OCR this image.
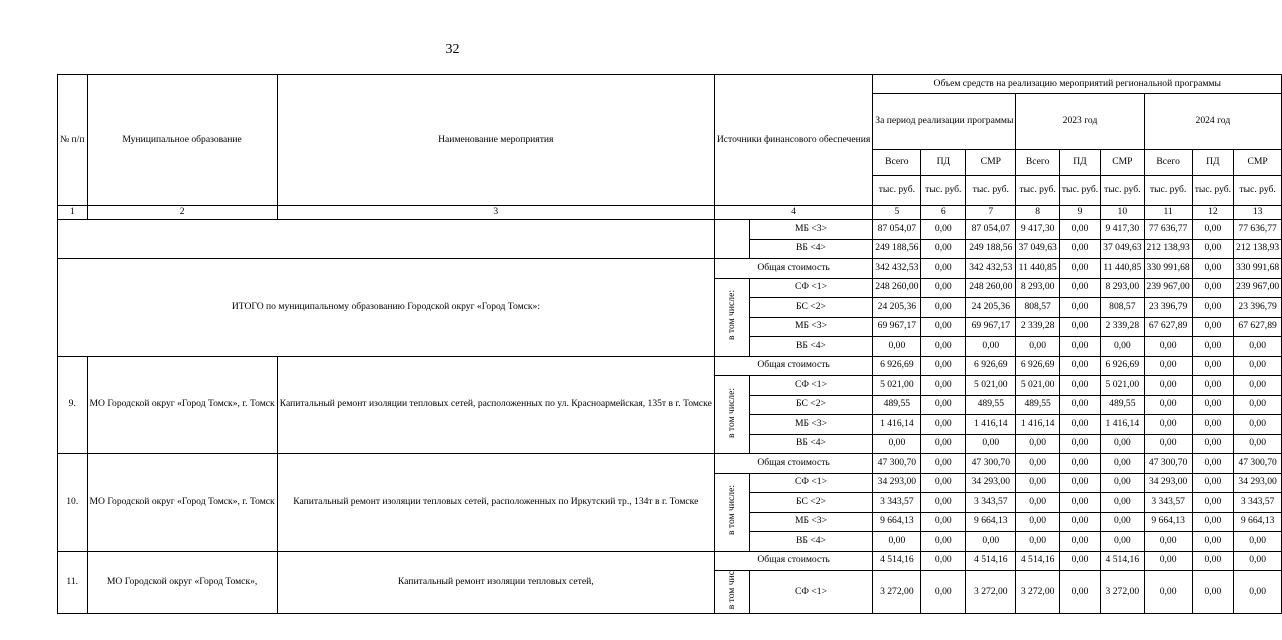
32
№ п/п	Муниципальное образование	Наименование мероприятия	Источники финансового обеспечения		Объем средств на реализацию мероприятий региональной программы								
					За период реализации программы			2023 год			2024 год		
					Всего	ПД	СМР	Всего	ПД	СМР	Всего	ПД	СМР
					тыс. руб.	тыс. руб.	тыс. руб.	тыс. руб.	тыс. руб.	тыс. руб.	тыс. руб.	тыс. руб.	тыс. руб.
1	2	3	4		5	6	7	8	9	10	11	12	13
				МБ <3>	87 054,07	0,00	87 054,07	9 417,30	0,00	9 417,30	77 636,77	0,00	77 636,77
				ВБ <4>	249 188,56	0,00	249 188,56	37 049,63	0,00	37 049,63	212 138,93	0,00	212 138,93
ИТОГО по муниципальному образованию Городской округ «Город Томск»:			Общая стоимость		342 432,53	0,00	342 432,53	11 440,85	0,00	11 440,85	330 991,68	0,00	330 991,68
			в том числе:	СФ <1>	248 260,00	0,00	248 260,00	8 293,00	0,00	8 293,00	239 967,00	0,00	239 967,00
				БС <2>	24 205,36	0,00	24 205,36	808,57	0,00	808,57	23 396,79	0,00	23 396,79
				МБ <3>	69 967,17	0,00	69 967,17	2 339,28	0,00	2 339,28	67 627,89	0,00	67 627,89
				ВБ <4>	0,00	0,00	0,00	0,00	0,00	0,00	0,00	0,00	0,00
9.	МО Городской округ «Город Томск», г. Томск	Капитальный ремонт изоляции тепловых сетей, расположенных по ул. Красноармейская, 135т в г. Томске	Общая стоимость		6 926,69	0,00	6 926,69	6 926,69	0,00	6 926,69	0,00	0,00	0,00
			в том числе:	СФ <1>	5 021,00	0,00	5 021,00	5 021,00	0,00	5 021,00	0,00	0,00	0,00
				БС <2>	489,55	0,00	489,55	489,55	0,00	489,55	0,00	0,00	0,00
				МБ <3>	1 416,14	0,00	1 416,14	1 416,14	0,00	1 416,14	0,00	0,00	0,00
				ВБ <4>	0,00	0,00	0,00	0,00	0,00	0,00	0,00	0,00	0,00
10.	МО Городской округ «Город Томск», г. Томск	Капитальный ремонт изоляции тепловых сетей, расположенных по Иркутский тр., 134т в г. Томске	Общая стоимость		47 300,70	0,00	47 300,70	0,00	0,00	0,00	47 300,70	0,00	47 300,70
			в том числе:	СФ <1>	34 293,00	0,00	34 293,00	0,00	0,00	0,00	34 293,00	0,00	34 293,00
				БС <2>	3 343,57	0,00	3 343,57	0,00	0,00	0,00	3 343,57	0,00	3 343,57
				МБ <3>	9 664,13	0,00	9 664,13	0,00	0,00	0,00	9 664,13	0,00	9 664,13
				ВБ <4>	0,00	0,00	0,00	0,00	0,00	0,00	0,00	0,00	0,00
11.	МО Городской округ «Город Томск»,	Капитальный ремонт изоляции тепловых сетей,	Общая стоимость		4 514,16	0,00	4 514,16	4 514,16	0,00	4 514,16	0,00	0,00	0,00
			в том чис	СФ <1>	3 272,00	0,00	3 272,00	3 272,00	0,00	3 272,00	0,00	0,00	0,00
